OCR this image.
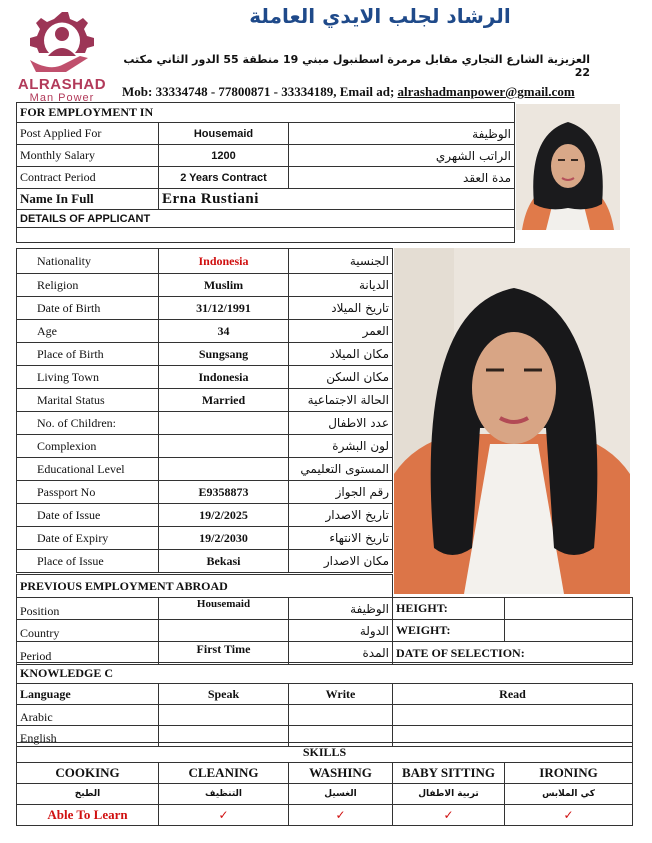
ALRASHAD
Man Power
الرشاد لجلب الايدي العاملة
العزيزية الشارع التجاري مقابل مرمرة اسطنبول مبني 19 منطقة 55 الدور الثاني مكتب 22
Mob: 33334748 - 77800871 - 33334189, Email ad; alrashadmanpower@gmail.com
FOR EMPLOYMENT IN		
Post Applied For	Housemaid	الوظيفة
Monthly Salary	1200	الراتب الشهري
Contract Period	2 Years Contract	مدة العقد
Name In Full	Erna Rustiani	
DETAILS OF APPLICANT		

Nationality	Indonesia	الجنسية
Religion	Muslim	الديانة
Date of Birth	31/12/1991	تاريخ الميلاد
Age	34	العمر
Place of Birth	Sungsang	مكان الميلاد
Living Town	Indonesia	مكان السكن
Marital Status	Married	الحالة الاجتماعية
No. of Children:		عدد الاطفال
Complexion		لون البشرة
Educational Level		المستوى التعليمي
Passport No	E9358873	رقم الجواز
Date of Issue	19/2/2025	تاريخ الاصدار
Date of Expiry	19/2/2030	تاريخ الانتهاء
Place of Issue	Bekasi	مكان الاصدار
PREVIOUS EMPLOYMENT ABROAD				
Position	Housemaid	الوظيفة	HEIGHT:	
Country		الدولة	WEIGHT:	
Period	First Time	المدة	DATE OF SELECTION:	
KNOWLEDGE C			
Language	Speak	Write	Read
Arabic			
English			
SKILLS				
COOKING	CLEANING	WASHING	BABY SITTING	IRONING
الطبخ	التنظيف	الغسيل	تربية الاطفال	كي الملابس
Able To Learn	✓	✓	✓	✓
